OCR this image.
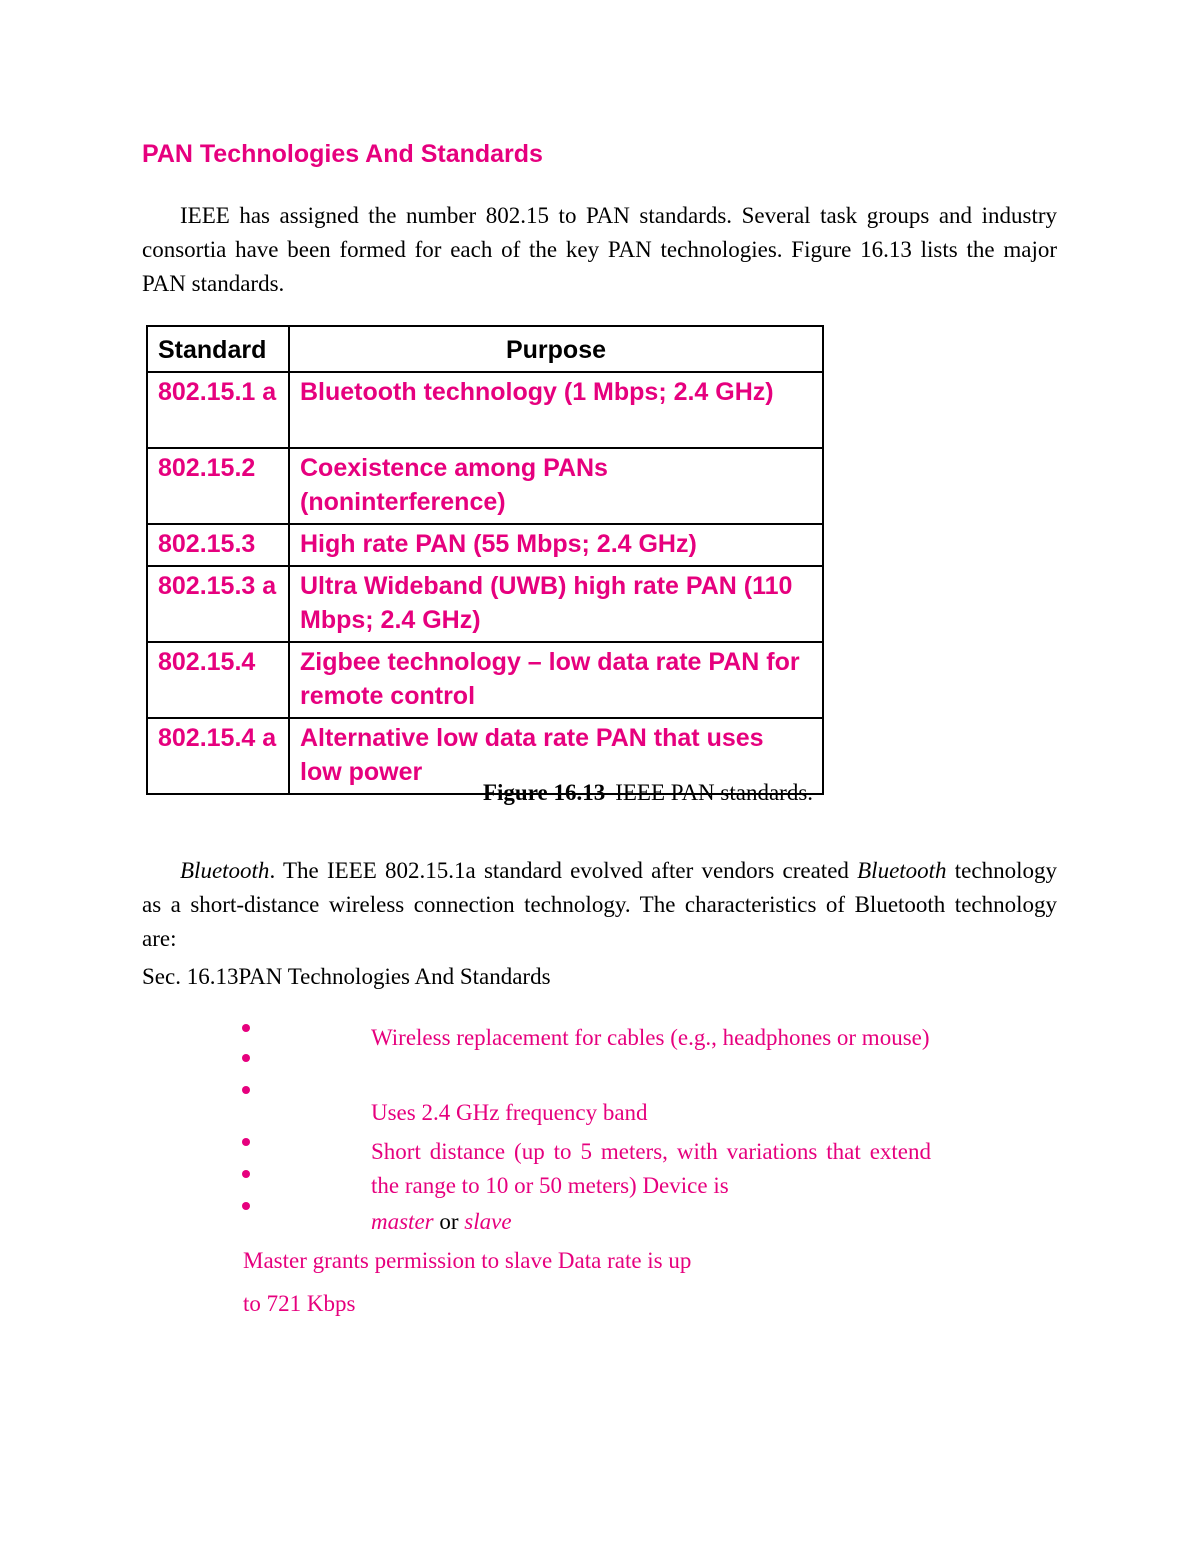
PAN Technologies And Standards
IEEE has assigned the number 802.15 to PAN standards. Several task groups and industry consortia have been formed for each of the key PAN technologies. Figure 16.13 lists the major PAN standards.
Standard	Purpose
802.15.1 a	Bluetooth technology (1 Mbps; 2.4 GHz)
802.15.2	Coexistence among PANs (noninterference)
802.15.3	High rate PAN (55 Mbps; 2.4 GHz)
802.15.3 a	Ultra Wideband (UWB) high rate PAN (110 Mbps; 2.4 GHz)
802.15.4	Zigbee technology – low data rate PAN for remote control
802.15.4 a	Alternative low data rate PAN that uses low power
Figure 16.13 IEEE PAN standards.
Bluetooth. The IEEE 802.15.1a standard evolved after vendors created Bluetooth technology as a short-distance wireless connection technology. The characteristics of Bluetooth technology are:
Sec. 16.13PAN Technologies And Standards
Wireless replacement for cables (e.g., headphones or mouse)
Uses 2.4 GHz frequency band
Short distance (up to 5 meters, with variations that extend the range to 10 or 50 meters) Device is
master or slave
Master grants permission to slave Data rate is up
to 721 Kbps
